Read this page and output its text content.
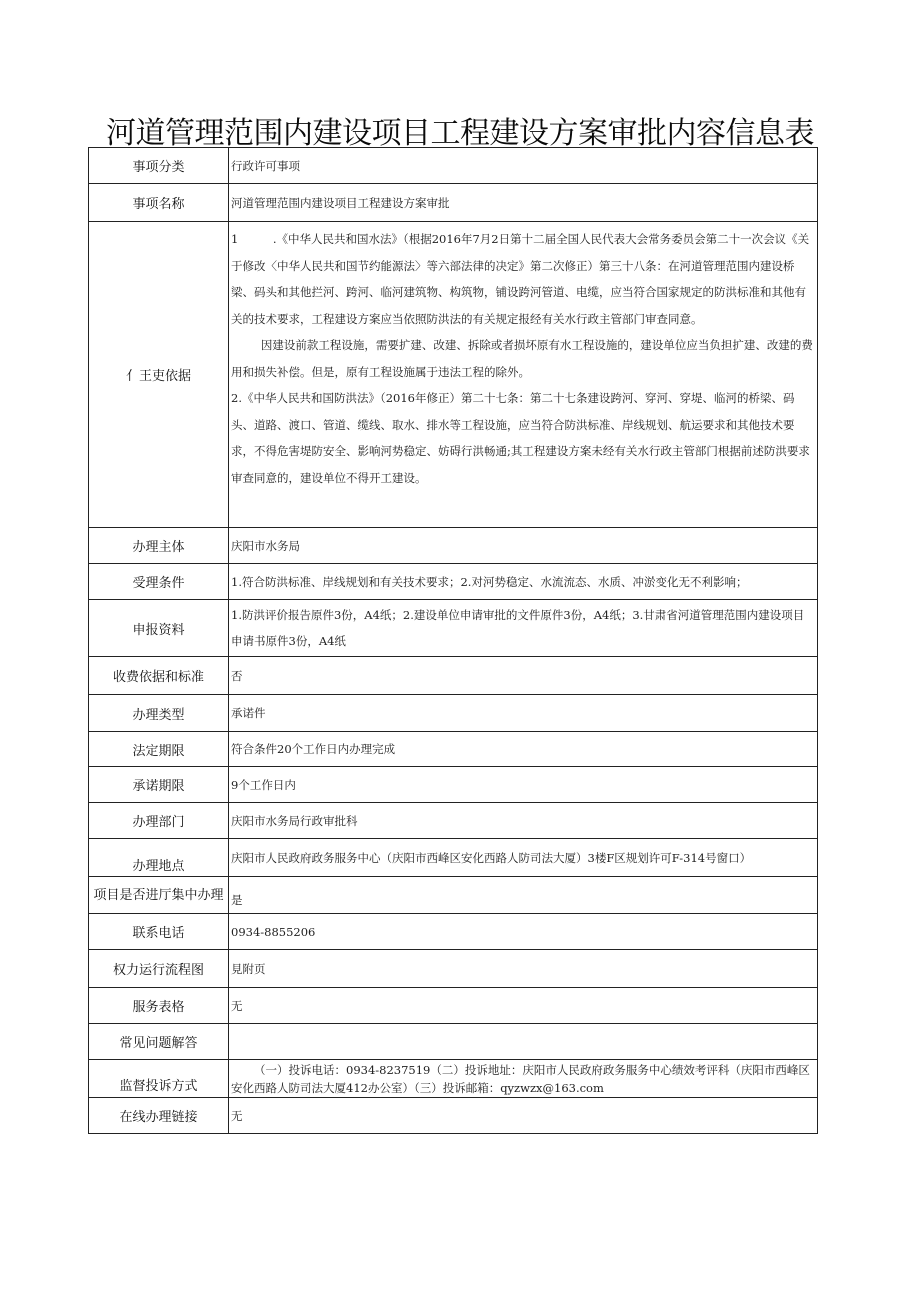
河道管理范围内建设项目工程建设方案审批内容信息表
事项分类	行政许可事项
事项名称	河道管理范围内建设项目工程建设方案审批
亻王吏依据	1　　　.《中华人民共和国水法》（根据2016年7月2日第十二届全国人民代表大会常务委员会第二十一次会议《关于修改〈中华人民共和国节约能源法〉等六部法律的决定》第二次修正）第三十八条：在河道管理范围内建设桥梁、码头和其他拦河、跨河、临河建筑物、构筑物，铺设跨河管道、电缆，应当符合国家规定的防洪标准和其他有关的技术要求，工程建设方案应当依照防洪法的有关规定报经有关水行政主管部门审查同意。

因建设前款工程设施，需要扩建、改建、拆除或者损坏原有水工程设施的，建设单位应当负担扩建、改建的费用和损失补偿。但是，原有工程设施属于违法工程的除外。

2.《中华人民共和国防洪法》（2016年修正）第二十七条：第二十七条建设跨河、穿河、穿堤、临河的桥梁、码头、道路、渡口、管道、缆线、取水、排水等工程设施，应当符合防洪标准、岸线规划、航运要求和其他技术要求，不得危害堤防安全、影响河势稳定、妨碍行洪畅通;其工程建设方案未经有关水行政主管部门根据前述防洪要求审查同意的，建设单位不得开工建设。

办理主体	庆阳市水务局
受理条件	1.符合防洪标准、岸线规划和有关技术要求；2.对河势稳定、水流流态、水质、冲淤变化无不利影响；
申报资料	1.防洪评价报告原件3份，A4纸；2.建设单位申请审批的文件原件3份，A4纸；3.甘肃省河道管理范围内建设项目申请书原件3份，A4纸
收费依据和标准	否
办理类型	承诺件
法定期限	符合条件20个工作日内办理完成
承诺期限	9个工作日内
办理部门	庆阳市水务局行政审批科
办理地点	庆阳市人民政府政务服务中心（庆阳市西峰区安化西路人防司法大厦）3楼F区规划许可F-314号窗口）
项目是否进厅集中办理	是
联系电话	0934-8855206
权力运行流程图	見附页
服务表格	无
常见问题解答	
监督投诉方式	（一）投诉电话：0934-8237519（二）投诉地址：庆阳市人民政府政务服务中心绩效考评科（庆阳市西峰区安化西路人防司法大厦412办公室）（三）投诉邮箱：qyzwzx@163.com
在线办理链接	无
